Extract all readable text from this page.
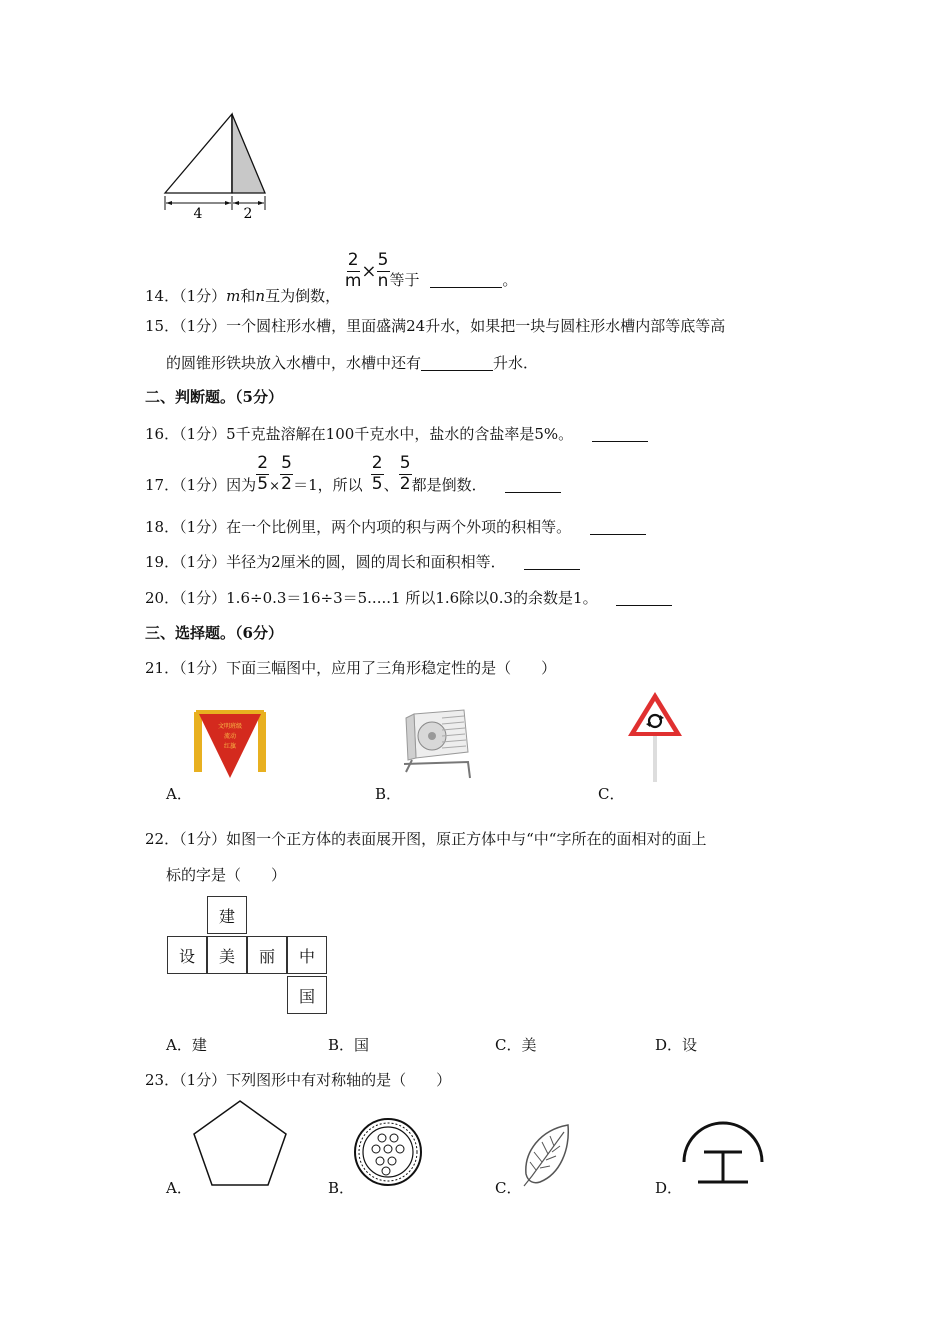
4	2
14．（1分）m和n互为倒数，
$\frac{2}{m} \times \frac{5}{n}$ 等于	。
15．（1分）一个圆柱形水槽，里面盛满24升水，如果把一块与圆柱形水槽内部等底等高
的圆锥形铁块放入水槽中，水槽中还有	升水．
二、判断题。（5分）
16．（1分）5千克盐溶解在100千克水中，盐水的含盐率是5%。
17．（1分）因为 $\frac{2}{5} \times \frac{5}{2} =1$，所以 $\frac{2}{5}$ 、 $\frac{5}{2}$ 都是倒数．
18．（1分）在一个比例里，两个内项的积与两个外项的积相等。
19．（1分）半径为2厘米的圆，圆的周长和面积相等．
20．（1分）1.6÷0.3＝16÷3＝5.....1 所以1.6除以0.3的余数是1。
三、选择题。（6分）
21．（1分）下面三幅图中，应用了三角形稳定性的是（　　）
文明班级
流动
红旗
A．	B．	C．
22．（1分）如图一个正方体的表面展开图，原正方体中与“中“字所在的面相对的面上
标的字是（　　）
建
设	美	丽	中
国
A．建	B．国	C．美	D．设
23．（1分）下列图形中有对称轴的是（　　）
A．	B．	C．	D．
